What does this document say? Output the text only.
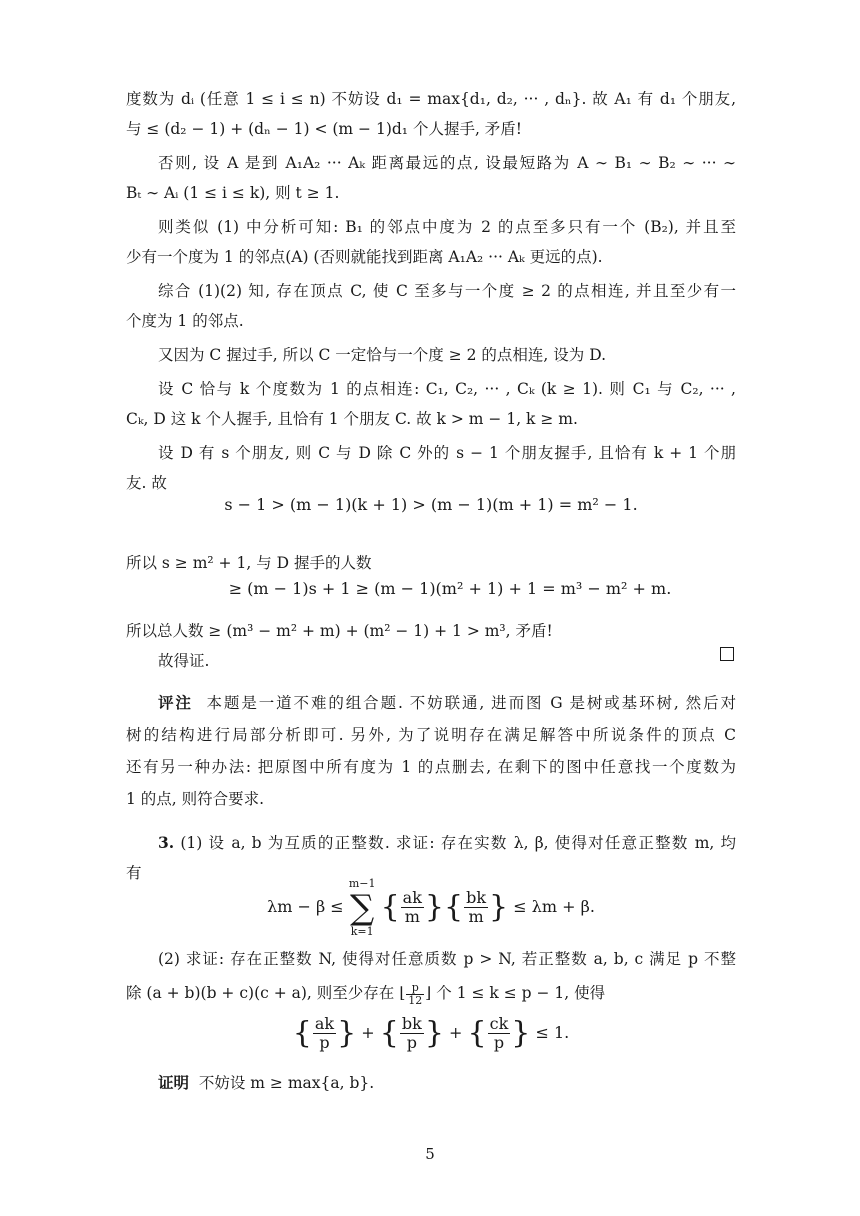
度数为 dᵢ (任意 1 ≤ i ≤ n) 不妨设 d₁ = max{d₁, d₂, ··· , dₙ}. 故 A₁ 有 d₁ 个朋友,
与 ≤ (d₂ − 1) + (dₙ − 1) < (m − 1)d₁ 个人握手, 矛盾!
否则, 设 A 是到 A₁A₂ ··· Aₖ 距离最远的点, 设最短路为 A ∼ B₁ ∼ B₂ ∼ ··· ∼
Bₜ ∼ Aᵢ (1 ≤ i ≤ k), 则 t ≥ 1.
则类似 (1) 中分析可知: B₁ 的邻点中度为 2 的点至多只有一个 (B₂), 并且至
少有一个度为 1 的邻点(A) (否则就能找到距离 A₁A₂ ··· Aₖ 更远的点).
综合 (1)(2) 知, 存在顶点 C, 使 C 至多与一个度 ≥ 2 的点相连, 并且至少有一
个度为 1 的邻点.
又因为 C 握过手, 所以 C 一定恰与一个度 ≥ 2 的点相连, 设为 D.
设 C 恰与 k 个度数为 1 的点相连: C₁, C₂, ··· , Cₖ (k ≥ 1). 则 C₁ 与 C₂, ··· ,
Cₖ, D 这 k 个人握手, 且恰有 1 个朋友 C. 故 k > m − 1, k ≥ m.
设 D 有 s 个朋友, 则 C 与 D 除 C 外的 s − 1 个朋友握手, 且恰有 k + 1 个朋
友. 故
所以 s ≥ m² + 1, 与 D 握手的人数
所以总人数 ≥ (m³ − m² + m) + (m² − 1) + 1 > m³, 矛盾!
故得证.
树的结构进行局部分析即可. 另外, 为了说明存在满足解答中所说条件的顶点 C
还有另一种办法: 把原图中所有度为 1 的点删去, 在剩下的图中任意找一个度数为
1 的点, 则符合要求.
有
(2) 求证: 存在正整数 N, 使得对任意质数 p > N, 若正整数 a, b, c 满足 p 不整
s − 1 > (m − 1)(k + 1) > (m − 1)(m + 1) = m² − 1.
≥ (m − 1)s + 1 ≥ (m − 1)(m² + 1) + 1 = m³ − m² + m.
评注 本题是一道不难的组合题. 不妨联通, 进而图 G 是树或基环树, 然后对
3. (1) 设 a, b 为互质的正整数. 求证: 存在实数 λ, β, 使得对任意正整数 m, 均
λm − β ≤
m−1
∑
k=1
{ $\frac{ak}{m}$ }{ $\frac{bk}{m}$ } ≤ λm + β.
除 (a + b)(b + c)(c + a), 则至少存在 ⌊ $\frac{p}{12}$ ⌋ 个 1 ≤ k ≤ p − 1, 使得
{ $\frac{ak}{p}$ } + { $\frac{bk}{p}$ } + { $\frac{ck}{p}$ } ≤ 1.
证明 不妨设 m ≥ max{a, b}.
5
